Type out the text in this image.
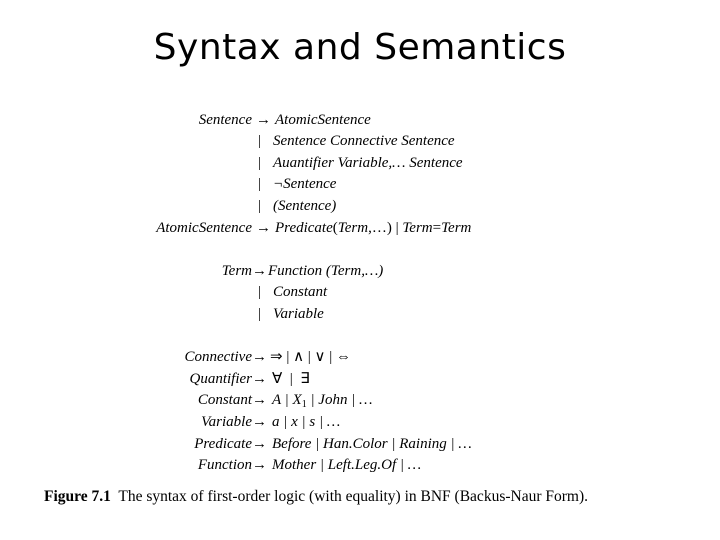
Syntax and Semantics
Sentence → AtomicSentence
| Sentence Connective Sentence
| Auantifier Variable,… Sentence
| ¬Sentence
| (Sentence)
AtomicSentence → Predicate(Term,…) | Term=Term
Term → Function (Term,…)
| Constant
| Variable
Connective → ⇒ | ∧ | ∨ | ⇔
Quantifier → ∀  |  ∃
Constant → A | $X_1$ | John | …
Variable → a | x | s | …
Predicate → Before | Han.Color | Raining | …
Function → Mother | Left.Leg.Of | …
Figure 7.1 The syntax of first-order logic (with equality) in BNF (Backus-Naur Form).
